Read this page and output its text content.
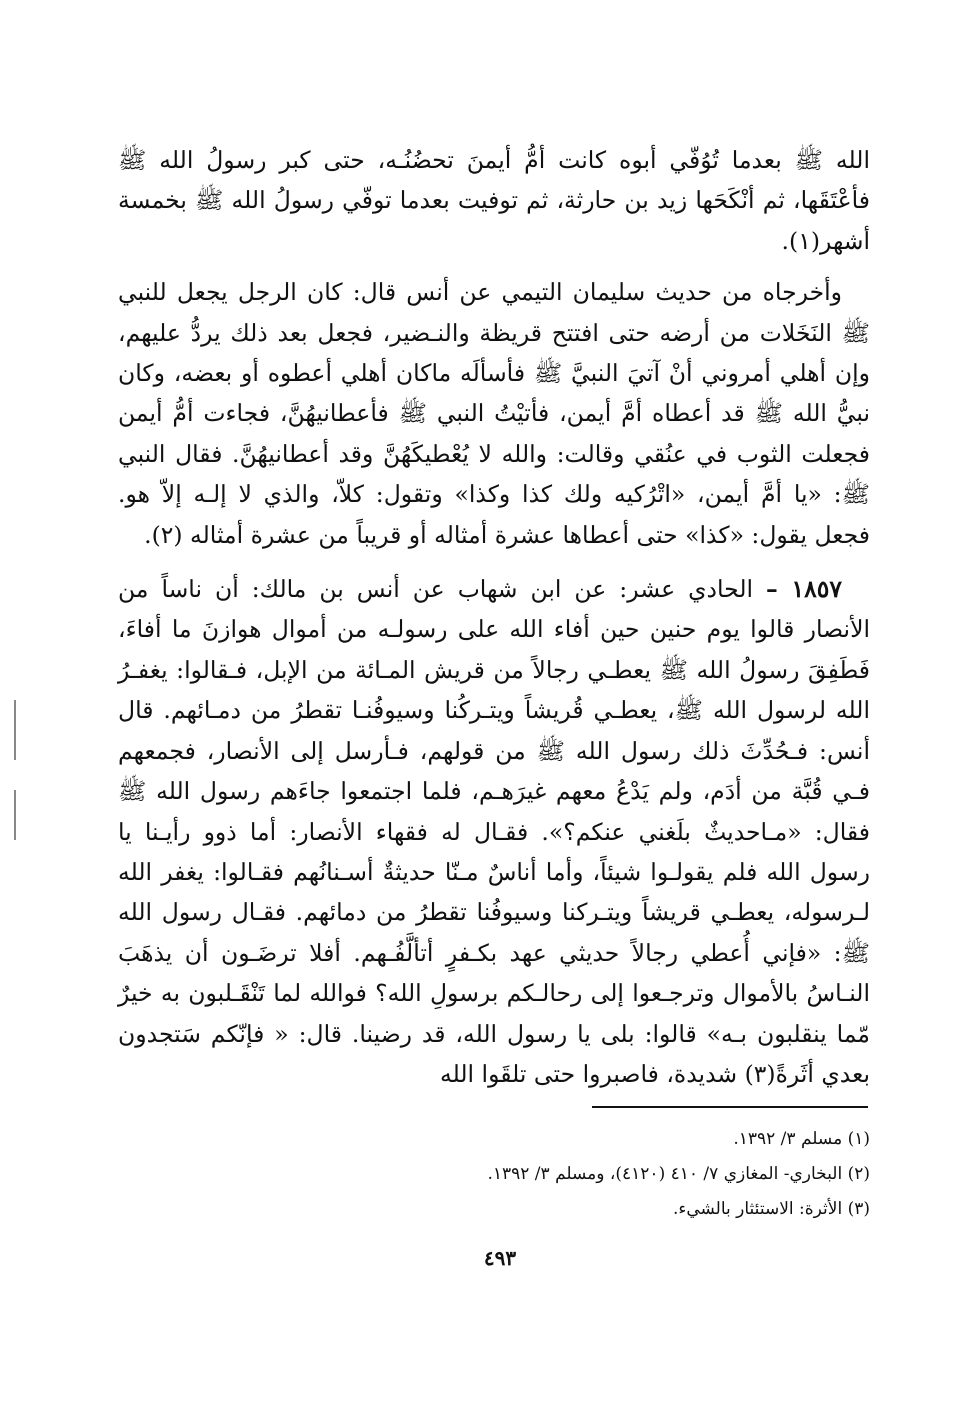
الله ﷺ بعدما تُوُفّي أبوه كانت أمُّ أيمنَ تحضُنُـه، حتى كبر رسولُ الله ﷺ فأعْتَقَها، ثم أنْكَحَها زيد بن حارثة، ثم توفيت بعدما توفّي رسولُ الله ﷺ بخمسة أشهر(١).

وأخرجاه من حديث سليمان التيمي عن أنس قال: كان الرجل يجعل للنبي ﷺ النَخَلات من أرضه حتى افتتح قريظة والنـضير، فجعل بعد ذلك يردُّ عليهم، وإن أهلي أمروني أنْ آتيَ النبيَّ ﷺ فأسألَه ماكان أهلي أعطوه أو بعضه، وكان نبيُّ الله ﷺ قد أعطاه أمَّ أيمن، فأتيْتُ النبي ﷺ فأعطانيهُنَّ، فجاءت أمُّ أيمن فجعلت الثوب في عنُقي وقالت: والله لا يُعْطيكَهُنَّ وقد أعطانيهُنَّ. فقال النبي ﷺ: «يا أمَّ أيمن، «اتْرُكيه ولك كذا وكذا» وتقول: كلاّ، والذي لا إلـه إلاّ هو. فجعل يقول: «كذا» حتى أعطاها عشرة أمثاله أو قريباً من عشرة أمثاله (٢).

١٨٥٧ – الحادي عشر: عن ابن شهاب عن أنس بن مالك: أن ناساً من الأنصار قالوا يوم حنين حين أفاء الله على رسولـه من أموال هوازنَ ما أفاءَ، فَطَفِقَ رسولُ الله ﷺ يعطـي رجالاً من قريش المـائة من الإبل، فـقالوا: يغفـرُ الله لرسول الله ﷺ، يعطـي قُريشاً ويتـركُنا وسيوفُنـا تقطرُ من دمـائهم. قال أنس: فـحُدِّثَ ذلك رسول الله ﷺ من قولهم، فـأرسل إلى الأنصار، فجمعهم فـي قُبَّة من أدَم، ولم يَدْعُ معهم غيرَهـم، فلما اجتمعوا جاءَهم رسول الله ﷺ فقال: «مـاحديثٌ بلَغني عنكم؟». فقـال له فقهاء الأنصار: أما ذوو رأيـنا يا رسول الله فلم يقولـوا شيئاً، وأما أناسٌ مـنّا حديثةٌ أسـنانُهم فقـالوا: يغفر الله لـرسوله، يعطـي قريشاً ويتـركنا وسيوفُنا تقطرُ من دمائهم. فقـال رسول الله ﷺ: «فإني أُعطي رجالاً حديثي عهد بكـفرٍ أتألَّفُـهم. أفلا ترضَـون أن يذهَبَ النـاسُ بالأموال وترجـعوا إلى رحالـكم برسولِ الله؟ فوالله لما تَنْقَـلبون به خيرٌ مّما ينقلبون بـه» قالوا: بلى يا رسول الله، قد رضينا. قال: « فإنّكم سَتجدون بعدي أثَرةً(٣) شديدة، فاصبروا حتى تلقَوا الله

(١) مسلم ٣/ ١٣٩٢.

(٢) البخاري- المغازي ٧/ ٤١٠ (٤١٢٠)، ومسلم ٣/ ١٣٩٢.

(٣) الأثرة: الاستئثار بالشيء.

٤٩٣
